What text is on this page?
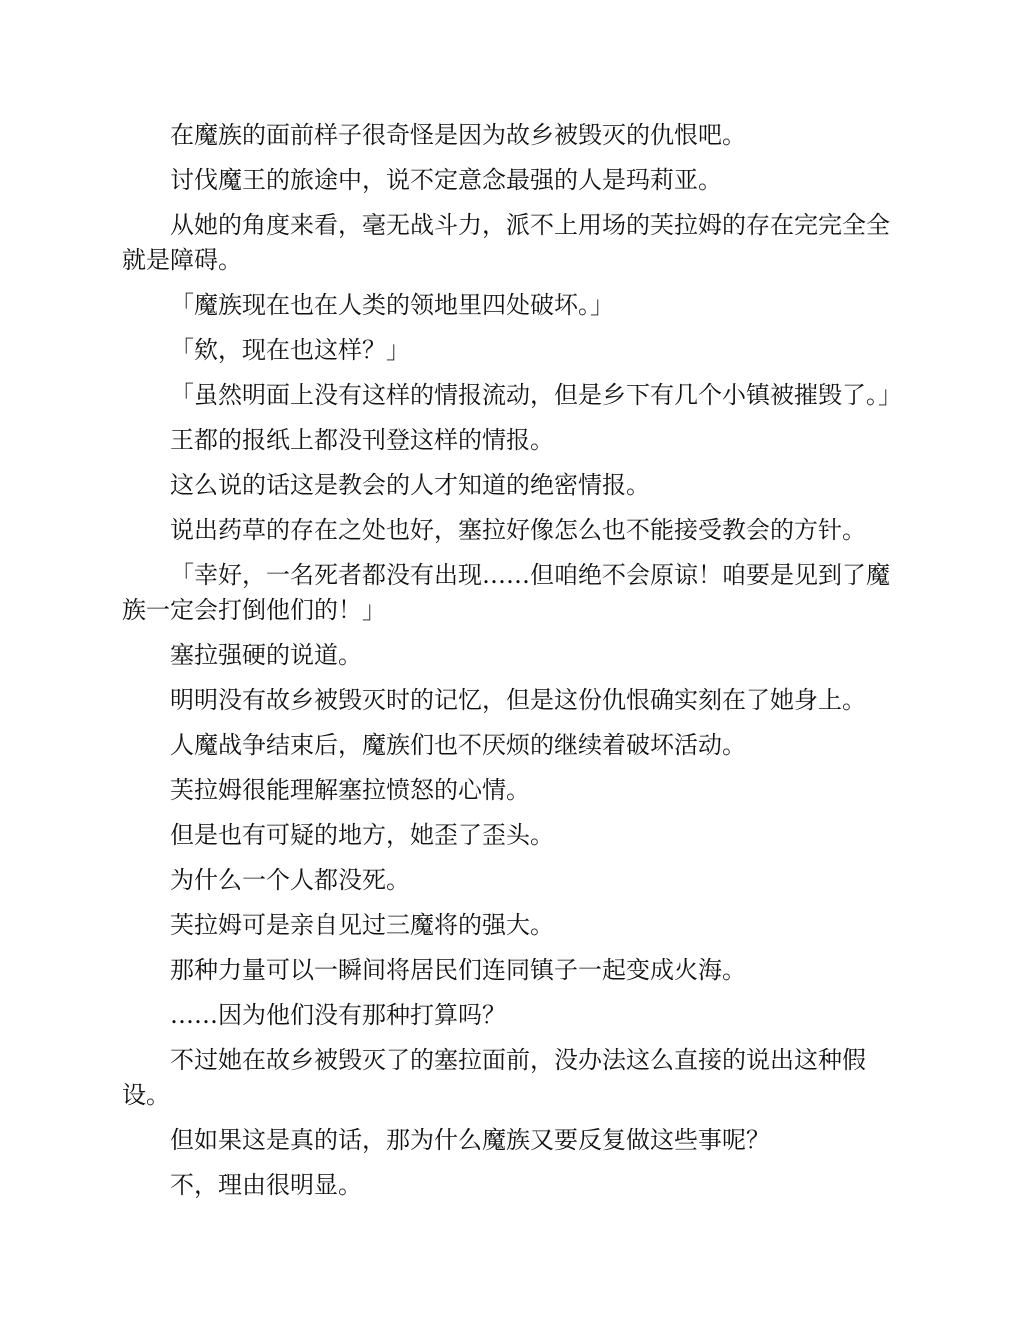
在魔族的面前样子很奇怪是因为故乡被毁灭的仇恨吧。

讨伐魔王的旅途中，说不定意念最强的人是玛莉亚。

从她的角度来看，毫无战斗力，派不上用场的芙拉姆的存在完完全全就是障碍。

「魔族现在也在人类的领地里四处破坏。」

「欸，现在也这样？」

「虽然明面上没有这样的情报流动，但是乡下有几个小镇被摧毁了。」

王都的报纸上都没刊登这样的情报。

这么说的话这是教会的人才知道的绝密情报。

说出药草的存在之处也好，塞拉好像怎么也不能接受教会的方针。

「幸好，一名死者都没有出现……但咱绝不会原谅！咱要是见到了魔族一定会打倒他们的！」

塞拉强硬的说道。

明明没有故乡被毁灭时的记忆，但是这份仇恨确实刻在了她身上。

人魔战争结束后，魔族们也不厌烦的继续着破坏活动。

芙拉姆很能理解塞拉愤怒的心情。

但是也有可疑的地方，她歪了歪头。

为什么一个人都没死。

芙拉姆可是亲自见过三魔将的强大。

那种力量可以一瞬间将居民们连同镇子一起变成火海。

……因为他们没有那种打算吗？

不过她在故乡被毁灭了的塞拉面前，没办法这么直接的说出这种假设。

但如果这是真的话，那为什么魔族又要反复做这些事呢？

不，理由很明显。
